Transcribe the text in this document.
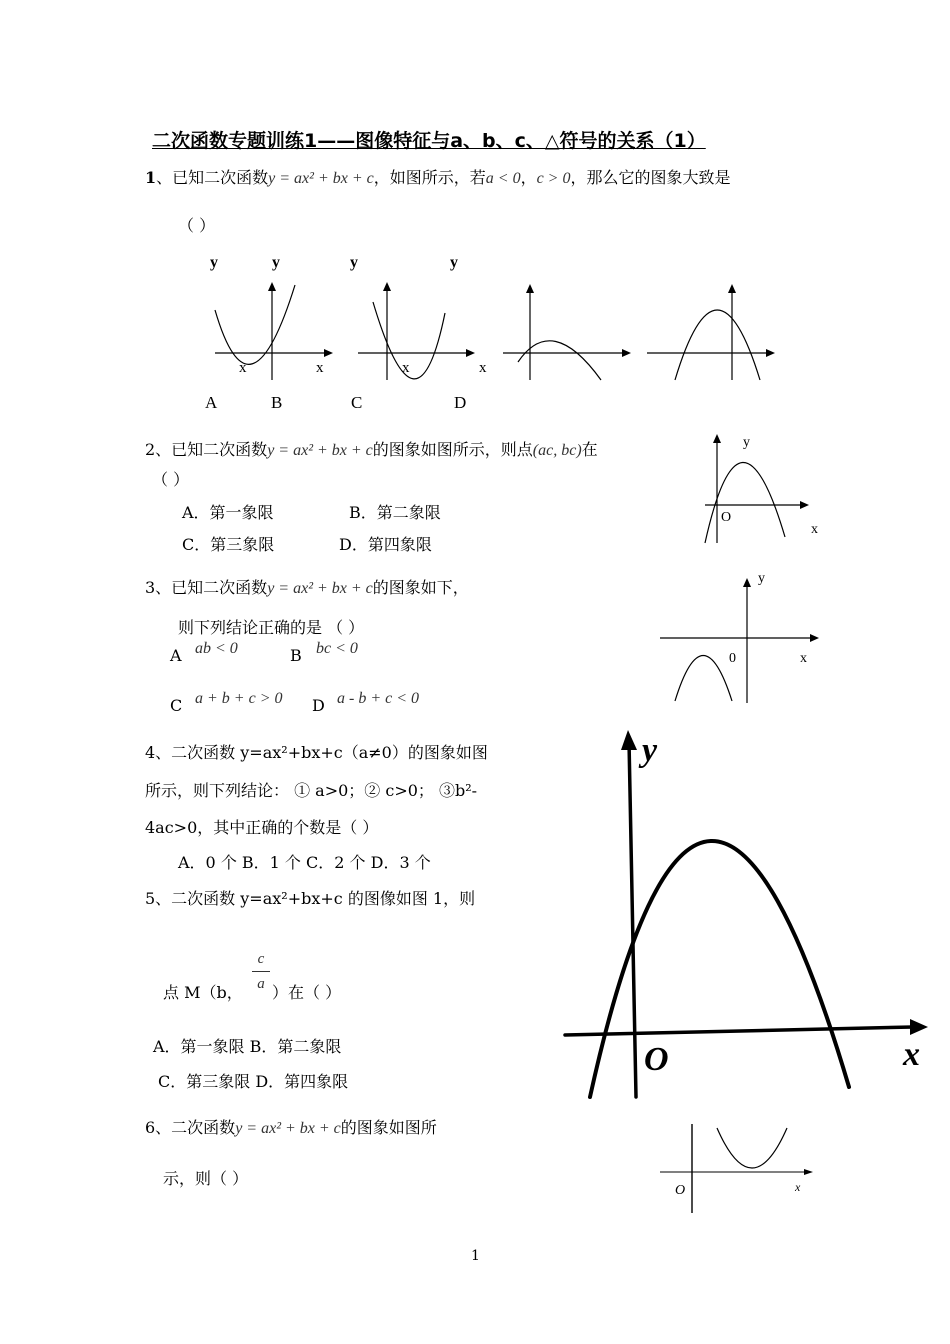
二次函数专题训练1——图像特征与a、b、c、△符号的关系（1）
1、已知二次函数y = ax² + bx + c，如图所示，若a < 0，c > 0，那么它的图象大致是
（ ）
y	y	y	y
x	x	x	x
A	B	C	D
2、已知二次函数y = ax² + bx + c的图象如图所示，则点(ac, bc)在
（ ）
A．第一象限	B．第二象限
C．第三象限	D．第四象限
y
x
O
3、已知二次函数y = ax² + bx + c的图象如下，
则下列结论正确的是 （ ）
A ab < 0	B bc < 0
C a + b + c > 0 D a - b + c < 0
y
x
0
4、二次函数 y=ax²+bx+c（a≠0）的图象如图
所示，则下列结论： ① a>0；② c>0； ③b²-
4ac>0，其中正确的个数是（ ）
A．0 个 B．1 个 C．2 个 D．3 个
y
x
O
5、二次函数 y=ax²+bx+c 的图像如图 1，则
点 M（b，
c
a ）在（ ）
A．第一象限 B．第二象限
C．第三象限 D．第四象限
6、二次函数y = ax² + bx + c的图象如图所
示，则（ ）
O	x
1
